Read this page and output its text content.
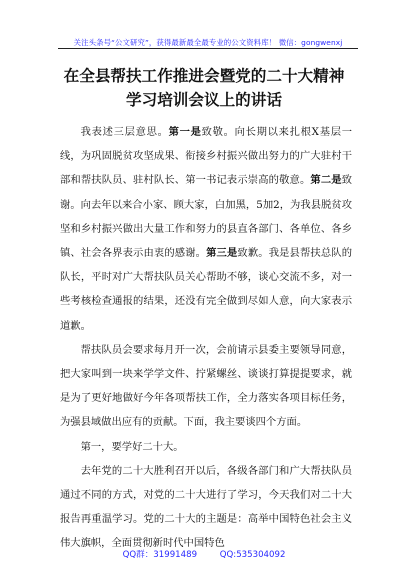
关注头条号“公文研究”，获得最新最全最专业的公文资料库！ 微信：gongwenxj
在全县帮扶工作推进会暨党的二十大精神
学习培训会议上的讲话

我表述三层意思。第一是致敬。向长期以来扎根X基层一线，为巩固脱贫攻坚成果、衔接乡村振兴做出努力的广大驻村干部和帮扶队员、驻村队长、第一书记表示崇高的敬意。第二是致谢。向去年以来合小家、顾大家，白加黑，5加2，为我县脱贫攻坚和乡村振兴做出大量工作和努力的县直各部门、各单位、各乡镇、社会各界表示由衷的感谢。第三是致歉。我是县帮扶总队的队长，平时对广大帮扶队员关心帮助不够，谈心交流不多，对一些考核检查通报的结果，还没有完全做到尽如人意，向大家表示道歉。

帮扶队员会要求每月开一次，会前请示县委主要领导同意，把大家叫到一块来学学文件、拧紧螺丝、谈谈打算提提要求，就是为了更好地做好今年各项帮扶工作，全力落实各项目标任务，为强县域做出应有的贡献。下面，我主要谈四个方面。

第一，要学好二十大。

去年党的二十大胜利召开以后，各级各部门和广大帮扶队员通过不同的方式，对党的二十大进行了学习，今天我们对二十大报告再重温学习。党的二十大的主题是：高举中国特色社会主义伟大旗帜，全面贯彻新时代中国特色

QQ群：31991489	QQ:535304092
